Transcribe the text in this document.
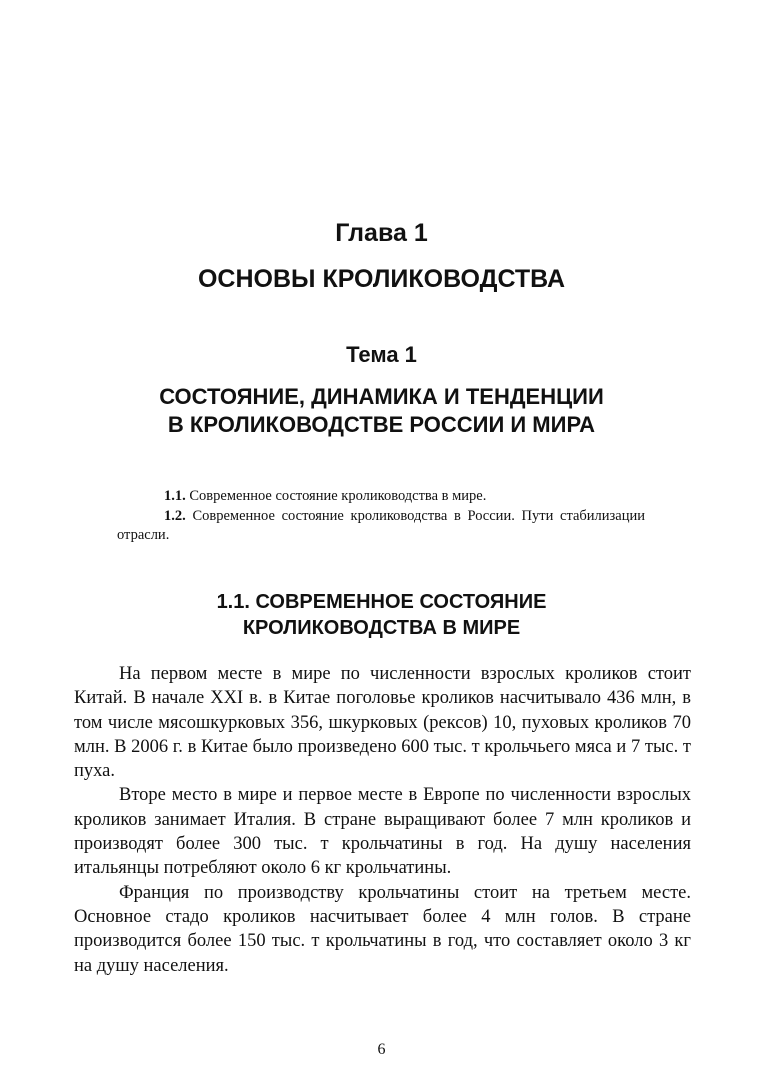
Глава 1
ОСНОВЫ КРОЛИКОВОДСТВА
Тема 1
СОСТОЯНИЕ, ДИНАМИКА И ТЕНДЕНЦИИ
В КРОЛИКОВОДСТВЕ РОССИИ И МИРА

1.1. Современное состояние кролиководства в мире.

1.2. Современное состояние кролиководства в России. Пути стабилизации отрасли.

1.1. СОВРЕМЕННОЕ СОСТОЯНИЕ
КРОЛИКОВОДСТВА В МИРЕ

На первом месте в мире по численности взрослых кроликов стоит Китай. В начале XXI в. в Китае поголовье кроликов насчитывало 436 млн, в том числе мясошкурковых 356, шкурковых (рексов) 10, пуховых кроликов 70 млн. В 2006 г. в Китае было произведено 600 тыс. т крольчьего мяса и 7 тыс. т пуха.

Вторе место в мире и первое месте в Европе по численности взрослых кроликов занимает Италия. В стране выращивают более 7 млн кроликов и производят более 300 тыс. т крольчатины в год. На душу населения итальянцы потребляют около 6 кг крольчатины.

Франция по производству крольчатины стоит на третьем месте. Основное стадо кроликов насчитывает более 4 млн голов. В стране производится более 150 тыс. т крольчатины в год, что составляет около 3 кг на душу населения.

6
